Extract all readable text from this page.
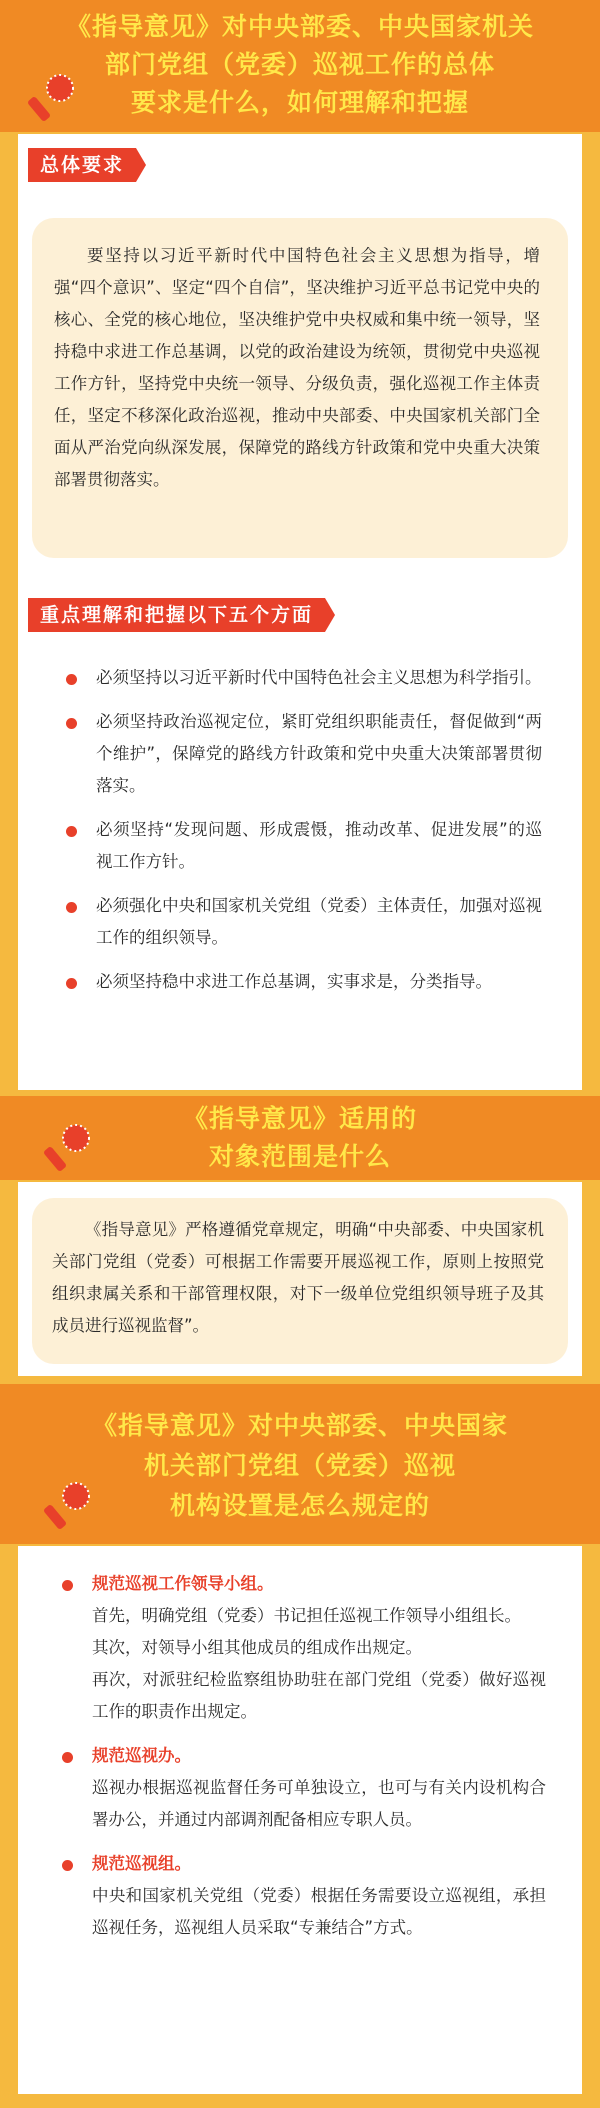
《指导意见》对中央部委、中央国家机关
部门党组（党委）巡视工作的总体
要求是什么，如何理解和把握
总体要求

要坚持以习近平新时代中国特色社会主义思想为指导，增强“四个意识”、坚定“四个自信”，坚决维护习近平总书记党中央的核心、全党的核心地位，坚决维护党中央权威和集中统一领导，坚持稳中求进工作总基调，以党的政治建设为统领，贯彻党中央巡视工作方针，坚持党中央统一领导、分级负责，强化巡视工作主体责任，坚定不移深化政治巡视，推动中央部委、中央国家机关部门全面从严治党向纵深发展，保障党的路线方针政策和党中央重大决策部署贯彻落实。

重点理解和把握以下五个方面
必须坚持以习近平新时代中国特色社会主义思想为科学指引。
必须坚持政治巡视定位，紧盯党组织职能责任，督促做到“两个维护”，保障党的路线方针政策和党中央重大决策部署贯彻落实。
必须坚持“发现问题、形成震慑，推动改革、促进发展”的巡视工作方针。
必须强化中央和国家机关党组（党委）主体责任，加强对巡视工作的组织领导。
必须坚持稳中求进工作总基调，实事求是，分类指导。
《指导意见》适用的
对象范围是什么

《指导意见》严格遵循党章规定，明确“中央部委、中央国家机关部门党组（党委）可根据工作需要开展巡视工作，原则上按照党组织隶属关系和干部管理权限，对下一级单位党组织领导班子及其成员进行巡视监督”。

《指导意见》对中央部委、中央国家
机关部门党组（党委）巡视
机构设置是怎么规定的
规范巡视工作领导小组。
首先，明确党组（党委）书记担任巡视工作领导小组组长。
其次，对领导小组其他成员的组成作出规定。
再次，对派驻纪检监察组协助驻在部门党组（党委）做好巡视工作的职责作出规定。
规范巡视办。
巡视办根据巡视监督任务可单独设立，也可与有关内设机构合署办公，并通过内部调剂配备相应专职人员。
规范巡视组。
中央和国家机关党组（党委）根据任务需要设立巡视组，承担巡视任务，巡视组人员采取“专兼结合”方式。
